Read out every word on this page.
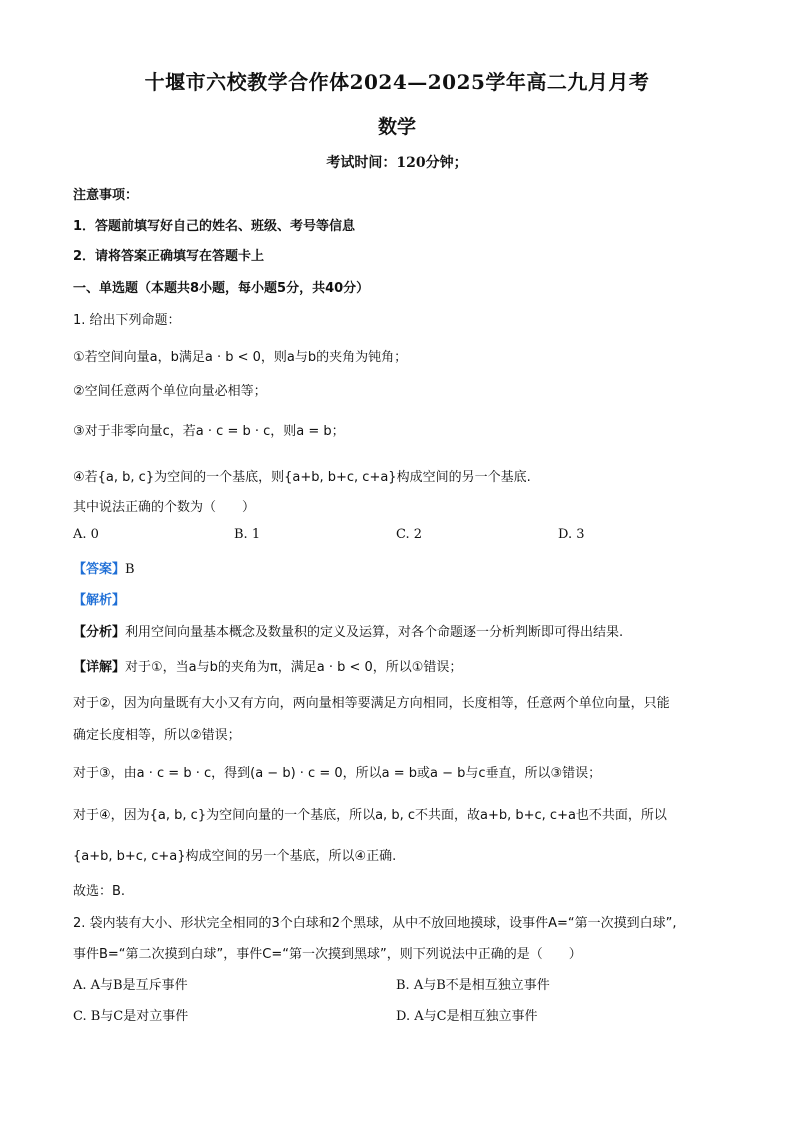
十堰市六校教学合作体2024—2025学年高二九月月考
数学
考试时间：120分钟；
注意事项：
1．答题前填写好自己的姓名、班级、考号等信息
2．请将答案正确填写在答题卡上
一、单选题（本题共8小题，每小题5分，共40分）
1. 给出下列命题：
①若空间向量a，b满足a · b < 0，则a与b的夹角为钝角；
②空间任意两个单位向量必相等；
③对于非零向量c，若a · c = b · c，则a = b；
④若{a, b, c}为空间的一个基底，则{a+b, b+c, c+a}构成空间的另一个基底.
其中说法正确的个数为（　　）
A. 0	B. 1	C. 2	D. 3
【答案】B
【解析】
【分析】利用空间向量基本概念及数量积的定义及运算，对各个命题逐一分析判断即可得出结果.
【详解】对于①，当a与b的夹角为π，满足a · b < 0，所以①错误；
对于②，因为向量既有大小又有方向，两向量相等要满足方向相同，长度相等，任意两个单位向量，只能
确定长度相等，所以②错误；
对于③，由a · c = b · c，得到(a − b) · c = 0，所以a = b或a − b与c垂直，所以③错误；
对于④，因为{a, b, c}为空间向量的一个基底，所以a, b, c不共面，故a+b, b+c, c+a也不共面，所以
{a+b, b+c, c+a}构成空间的另一个基底，所以④正确.
故选：B.
2. 袋内装有大小、形状完全相同的3个白球和2个黑球，从中不放回地摸球，设事件A=“第一次摸到白球”,
事件B=“第二次摸到白球”，事件C=“第一次摸到黑球”，则下列说法中正确的是（　　）
A. A与B是互斥事件	B. A与B不是相互独立事件
C. B与C是对立事件	D. A与C是相互独立事件
